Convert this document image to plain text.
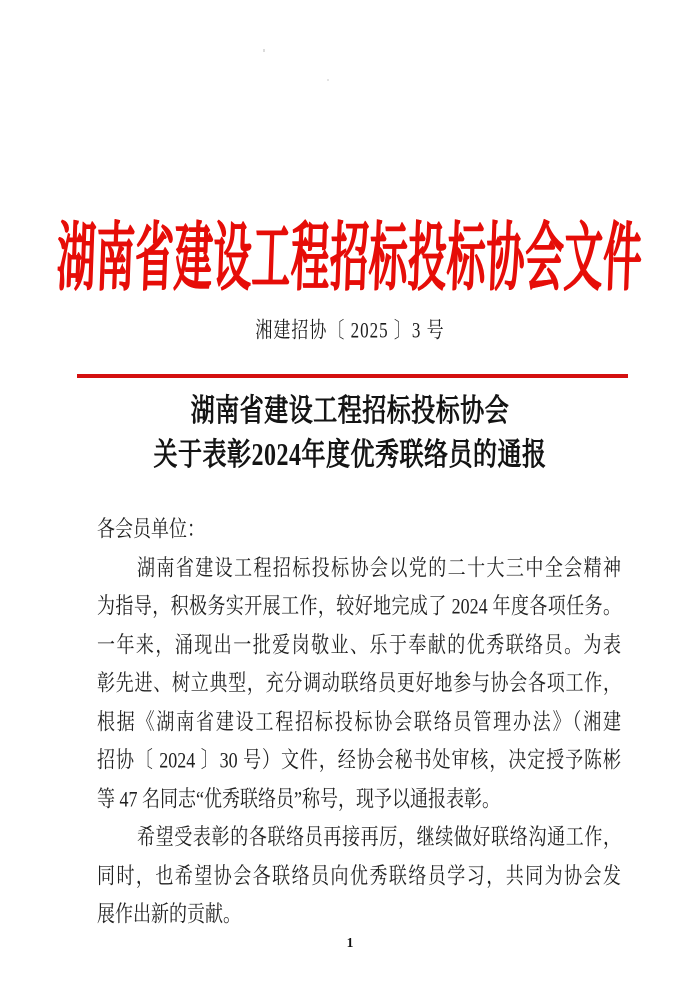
湖南省建设工程招标投标协会文件
湘建招协〔 2025 〕3 号
湖南省建设工程招标投标协会
关于表彰2024年度优秀联络员的通报
各会员单位：
湖南省建设工程招标投标协会以党的二十大三中全会精神
为指导，积极务实开展工作，较好地完成了 2024 年度各项任务。
一年来，涌现出一批爱岗敬业、乐于奉献的优秀联络员。为表
彰先进、树立典型，充分调动联络员更好地参与协会各项工作，
根据《湖南省建设工程招标投标协会联络员管理办法》（湘建
招协〔 2024 〕30 号）文件，经协会秘书处审核，决定授予陈彬
等 47 名同志“优秀联络员”称号，现予以通报表彰。
希望受表彰的各联络员再接再厉，继续做好联络沟通工作，
同时，也希望协会各联络员向优秀联络员学习，共同为协会发
展作出新的贡献。
1
